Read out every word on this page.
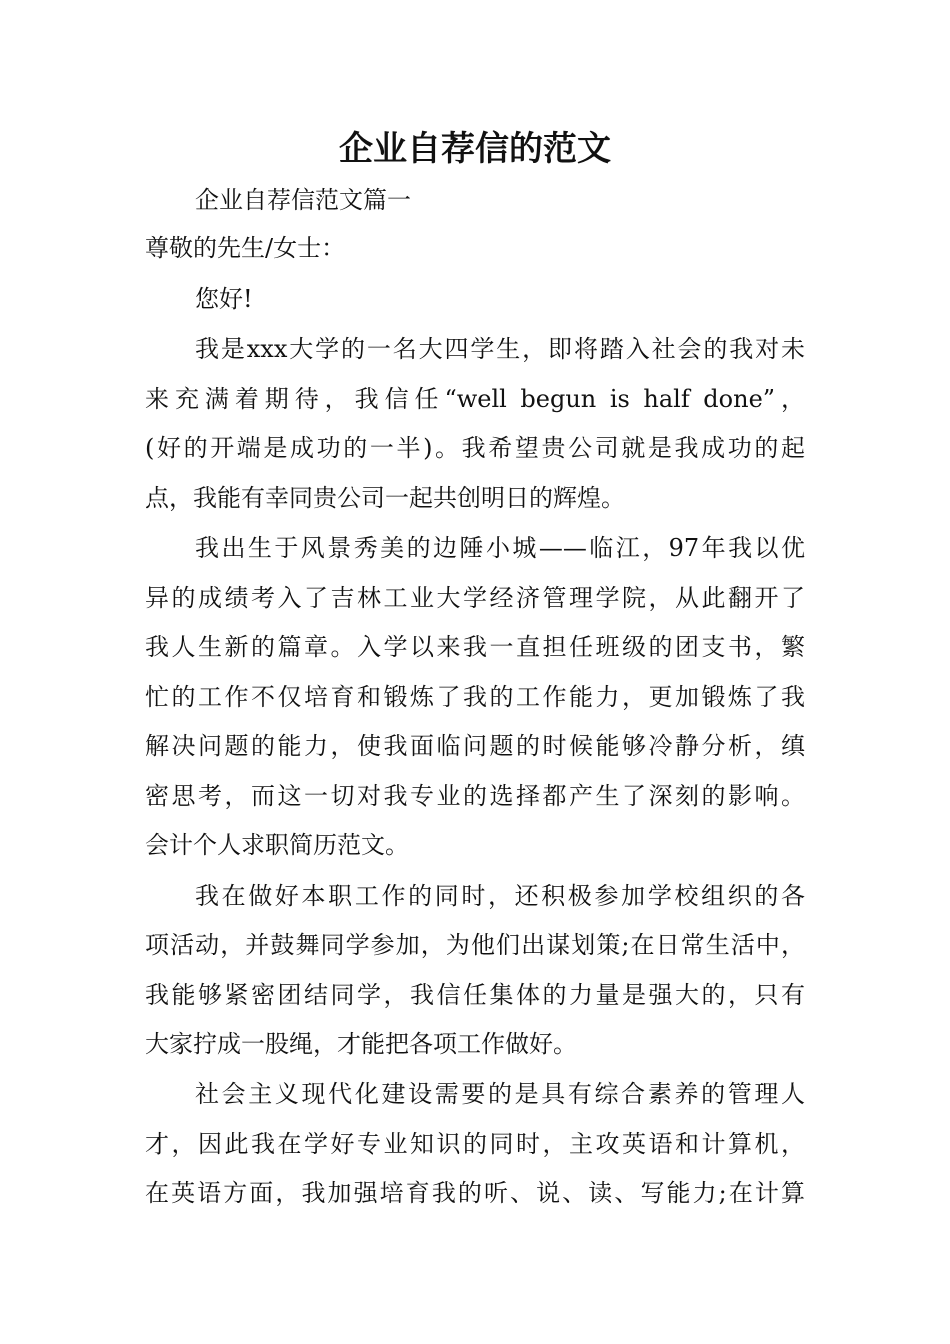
企业自荐信的范文

企业自荐信范文篇一

尊敬的先生/女士：

您好!

我是xxx大学的一名大四学生，即将踏入社会的我对未

来充满着期待，我信任“well begun is half done”，

(好的开端是成功的一半)。我希望贵公司就是我成功的起

点，我能有幸同贵公司一起共创明日的辉煌。

我出生于风景秀美的边陲小城——临江，97年我以优

异的成绩考入了吉林工业大学经济管理学院，从此翻开了

我人生新的篇章。入学以来我一直担任班级的团支书，繁

忙的工作不仅培育和锻炼了我的工作能力，更加锻炼了我

解决问题的能力，使我面临问题的时候能够冷静分析，缜

密思考，而这一切对我专业的选择都产生了深刻的影响。

会计个人求职简历范文。

我在做好本职工作的同时，还积极参加学校组织的各

项活动，并鼓舞同学参加，为他们出谋划策;在日常生活中，

我能够紧密团结同学，我信任集体的力量是强大的，只有

大家拧成一股绳，才能把各项工作做好。

社会主义现代化建设需要的是具有综合素养的管理人

才，因此我在学好专业知识的同时，主攻英语和计算机，

在英语方面，我加强培育我的听、说、读、写能力;在计算
